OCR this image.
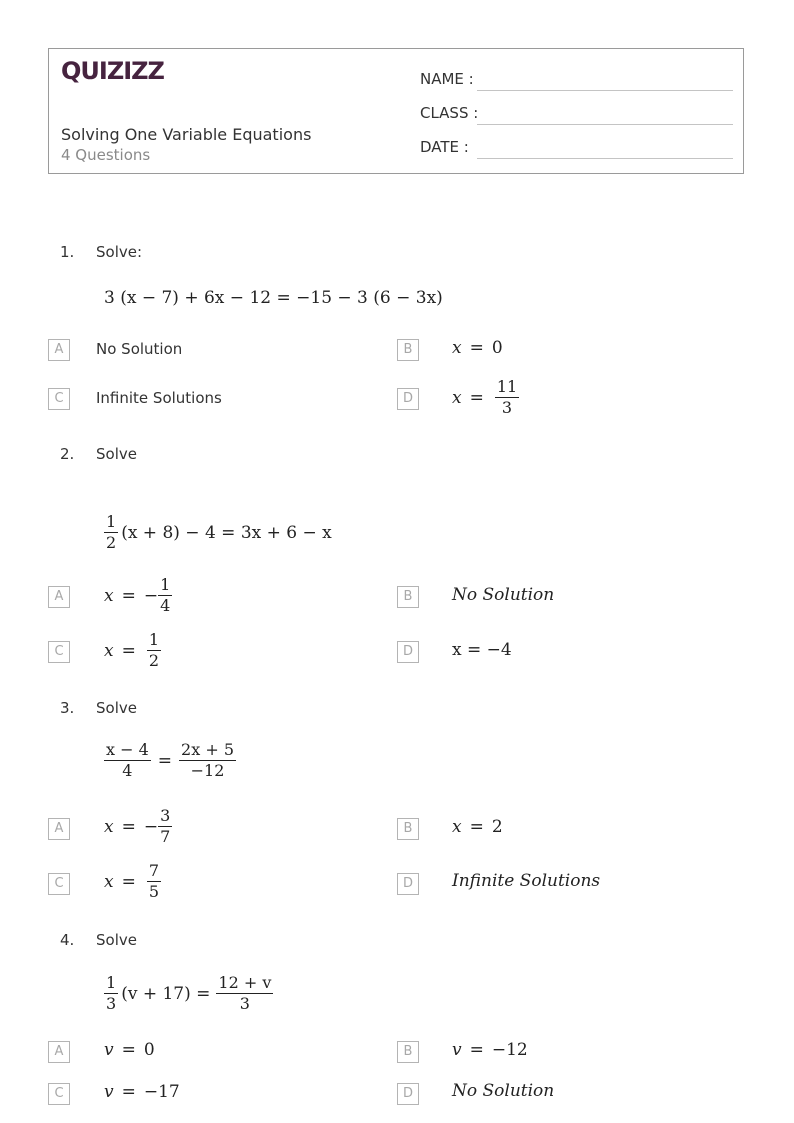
QUIZIZZ
Solving One Variable Equations
4 Questions
NAME :
CLASS :
DATE :
1. Solve:
3 (x − 7) + 6x − 12 = −15 − 3 (6 − 3x)
A	No Solution	B	x = 0
C	Infinite Solutions	D	$x = \frac{11}{3}$
2. Solve
$\frac{1}{2} (x + 8) - 4 = 3x + 6 - x$
A	x = − $\frac{1}{4}$	B	No Solution
C	$x = \frac{1}{2}$	D	x = −4
3. Solve
$\frac{x - 4}{4} = \frac{2x + 5}{-12}$
A	x = − $\frac{3}{7}$	B	x = 2
C	$x = \frac{7}{5}$	D	Infinite Solutions
4. Solve
$\frac{1}{3} (v + 17) = \frac{12 + v}{3}$
A	v = 0	B	v = −12
C	v = −17	D	No Solution
